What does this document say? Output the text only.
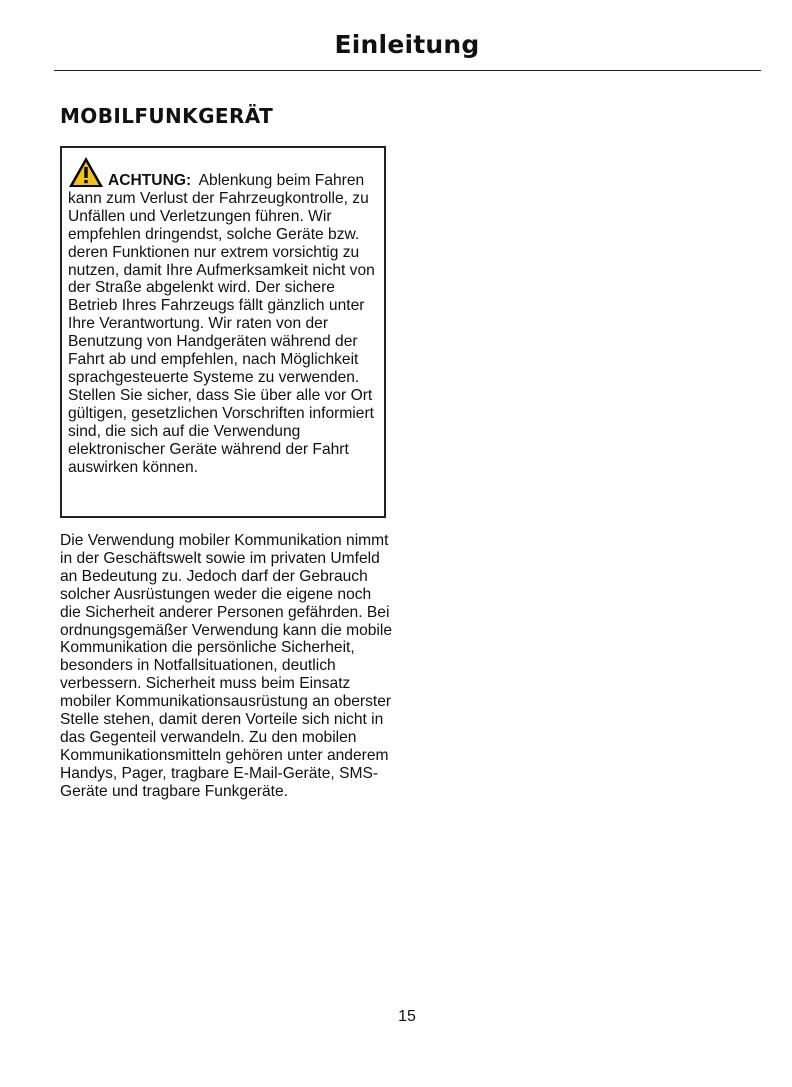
Einleitung
MOBILFUNKGERÄT

ACHTUNG: Ablenkung beim Fahren kann zum Verlust der Fahrzeugkontrolle, zu Unfällen und Verletzungen führen. Wir empfehlen dringendst, solche Geräte bzw. deren Funktionen nur extrem vorsichtig zu nutzen, damit Ihre Aufmerksamkeit nicht von der Straße abgelenkt wird. Der sichere Betrieb Ihres Fahrzeugs fällt gänzlich unter Ihre Verantwortung. Wir raten von der Benutzung von Handgeräten während der Fahrt ab und empfehlen, nach Möglichkeit sprachgesteuerte Systeme zu verwenden. Stellen Sie sicher, dass Sie über alle vor Ort gültigen, gesetzlichen Vorschriften informiert sind, die sich auf die Verwendung elektronischer Geräte während der Fahrt auswirken können.

Die Verwendung mobiler Kommunikation nimmt in der Geschäftswelt sowie im privaten Umfeld an Bedeutung zu. Jedoch darf der Gebrauch solcher Ausrüstungen weder die eigene noch die Sicherheit anderer Personen gefährden. Bei ordnungsgemäßer Verwendung kann die mobile Kommunikation die persönliche Sicherheit, besonders in Notfallsituationen, deutlich verbessern. Sicherheit muss beim Einsatz mobiler Kommunikationsausrüstung an oberster Stelle stehen, damit deren Vorteile sich nicht in das Gegenteil verwandeln. Zu den mobilen Kommunikationsmitteln gehören unter anderem Handys, Pager, tragbare E-Mail-Geräte, SMS-Geräte und tragbare Funkgeräte.

15
